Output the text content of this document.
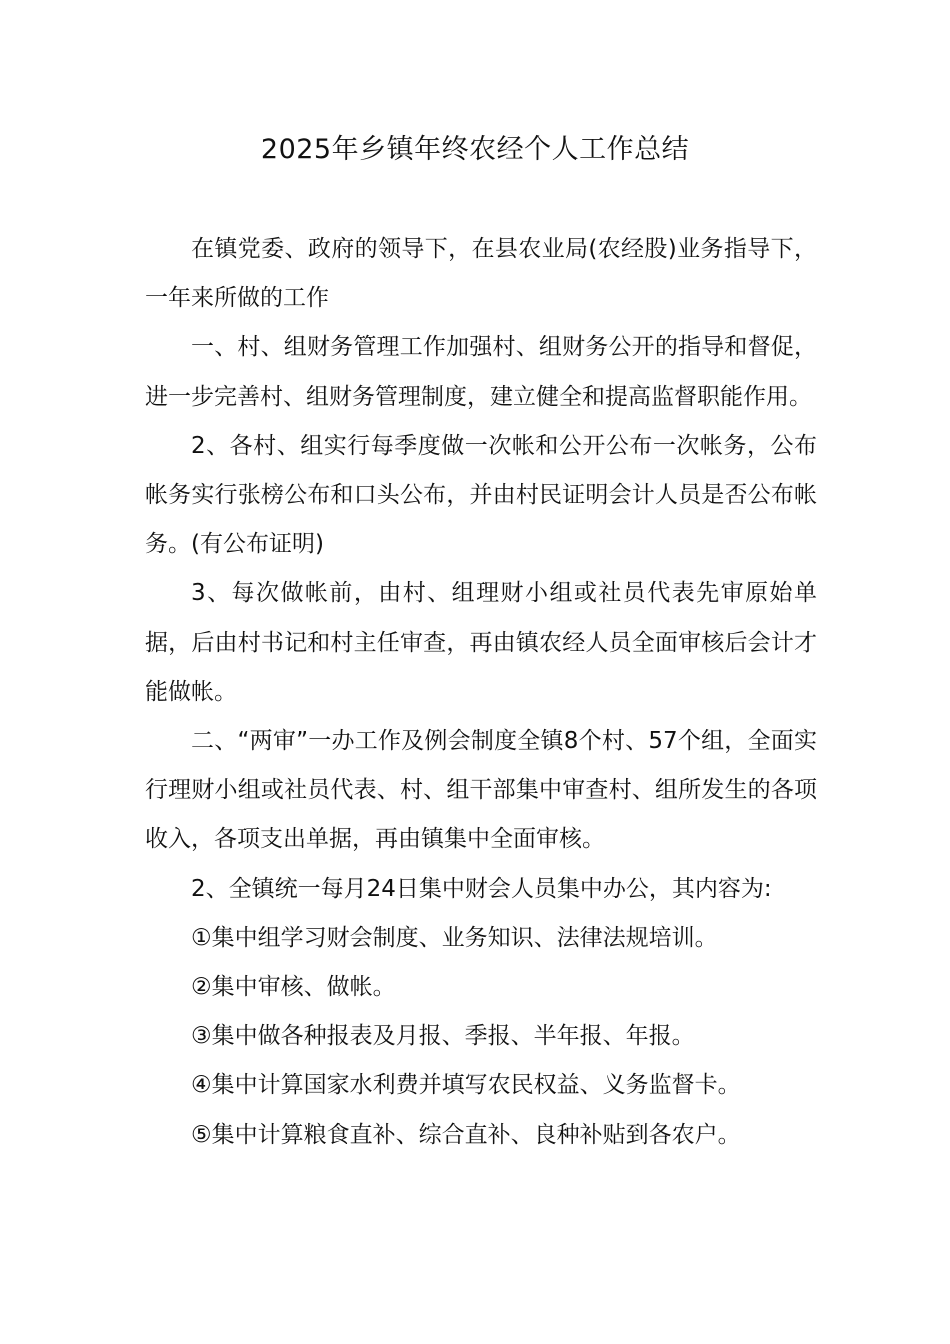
2025年乡镇年终农经个人工作总结

在镇党委、政府的领导下，在县农业局(农经股)业务指导下，一年来所做的工作

一、村、组财务管理工作加强村、组财务公开的指导和督促，进一步完善村、组财务管理制度，建立健全和提高监督职能作用。

2、各村、组实行每季度做一次帐和公开公布一次帐务，公布帐务实行张榜公布和口头公布，并由村民证明会计人员是否公布帐务。(有公布证明)

3、每次做帐前，由村、组理财小组或社员代表先审原始单据，后由村书记和村主任审查，再由镇农经人员全面审核后会计才能做帐。

二、“两审”一办工作及例会制度全镇8个村、57个组，全面实行理财小组或社员代表、村、组干部集中审查村、组所发生的各项收入，各项支出单据，再由镇集中全面审核。

2、全镇统一每月24日集中财会人员集中办公，其内容为:

①集中组学习财会制度、业务知识、法律法规培训。

②集中审核、做帐。

③集中做各种报表及月报、季报、半年报、年报。

④集中计算国家水利费并填写农民权益、义务监督卡。

⑤集中计算粮食直补、综合直补、良种补贴到各农户。
